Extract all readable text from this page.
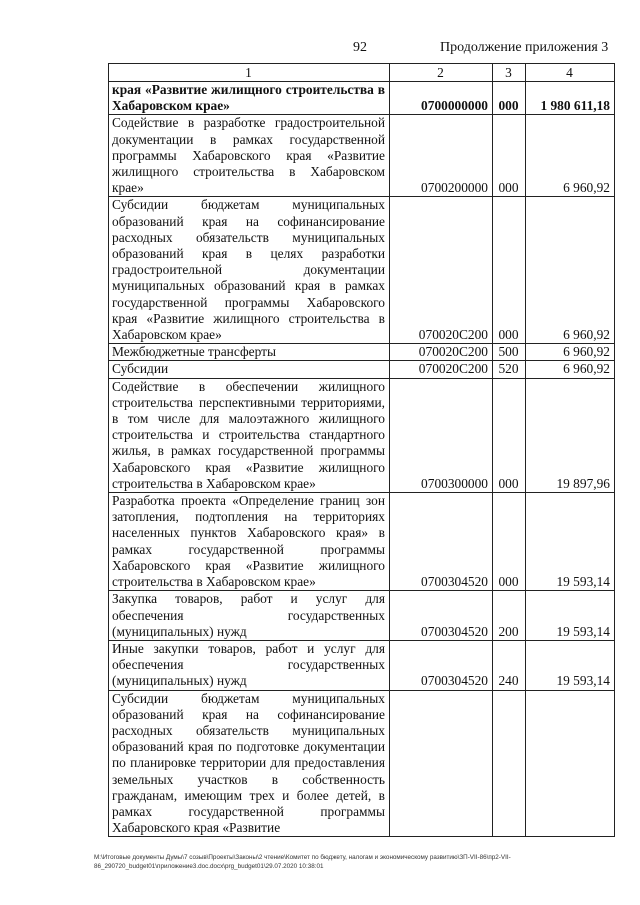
92	Продолжение приложения 3
1	2	3	4
края «Развитие жилищного строительства в Хабаровском крае»	0700000000	000	1 980 611,18
Содействие в разработке градостроительной документации в рамках государственной программы Хабаровского края «Развитие жилищного строительства в Хабаровском крае»	0700200000	000	6 960,92
Субсидии бюджетам муниципальных образований края на софинансирование расходных обязательств муниципальных образований края в целях разработки градостроительной документации муниципальных образований края в рамках государственной программы Хабаровского края «Развитие жилищного строительства в Хабаровском крае»	070020С200	000	6 960,92
Межбюджетные трансферты	070020С200	500	6 960,92
Субсидии	070020С200	520	6 960,92
Содействие в обеспечении жилищного строительства перспективными территориями, в том числе для малоэтажного жилищного строительства и строительства стандартного жилья, в рамках государственной программы Хабаровского края «Развитие жилищного строительства в Хабаровском крае»	0700300000	000	19 897,96
Разработка проекта «Определение границ зон затопления, подтопления на территориях населенных пунктов Хабаровского края» в рамках государственной программы Хабаровского края «Развитие жилищного строительства в Хабаровском крае»	0700304520	000	19 593,14
Закупка товаров, работ и услуг для обеспечения государственных (муниципальных) нужд	0700304520	200	19 593,14
Иные закупки товаров, работ и услуг для обеспечения государственных (муниципальных) нужд	0700304520	240	19 593,14
Субсидии бюджетам муниципальных образований края на софинансирование расходных обязательств муниципальных образований края по подготовке документации по планировке территории для предоставления земельных участков в собственность гражданам, имеющим трех и более детей, в рамках государственной программы Хабаровского края «Развитие			
M:\Итоговые документы Думы\7 созыв\Проекты\Законы\2 чтение\Комитет по бюджету, налогам и экономическому развитию\ЗП-VII-86\пр2-VII-
86_290720_budget01\приложение3.doc.docx\prg_budget01\29.07.2020 10:38:01
